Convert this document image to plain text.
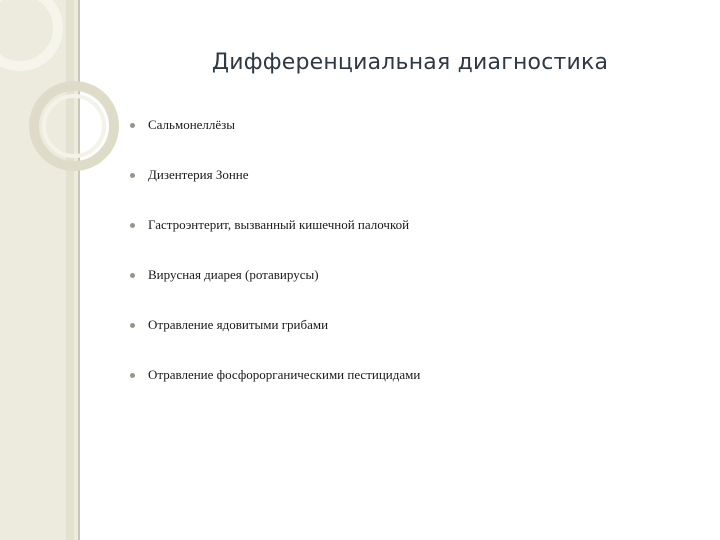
Дифференциальная диагностика
Сальмонеллёзы
Дизентерия Зонне
Гастроэнтерит, вызванный кишечной палочкой
Вирусная диарея (ротавирусы)
Отравление ядовитыми грибами
Отравление фосфорорганическими пестицидами
